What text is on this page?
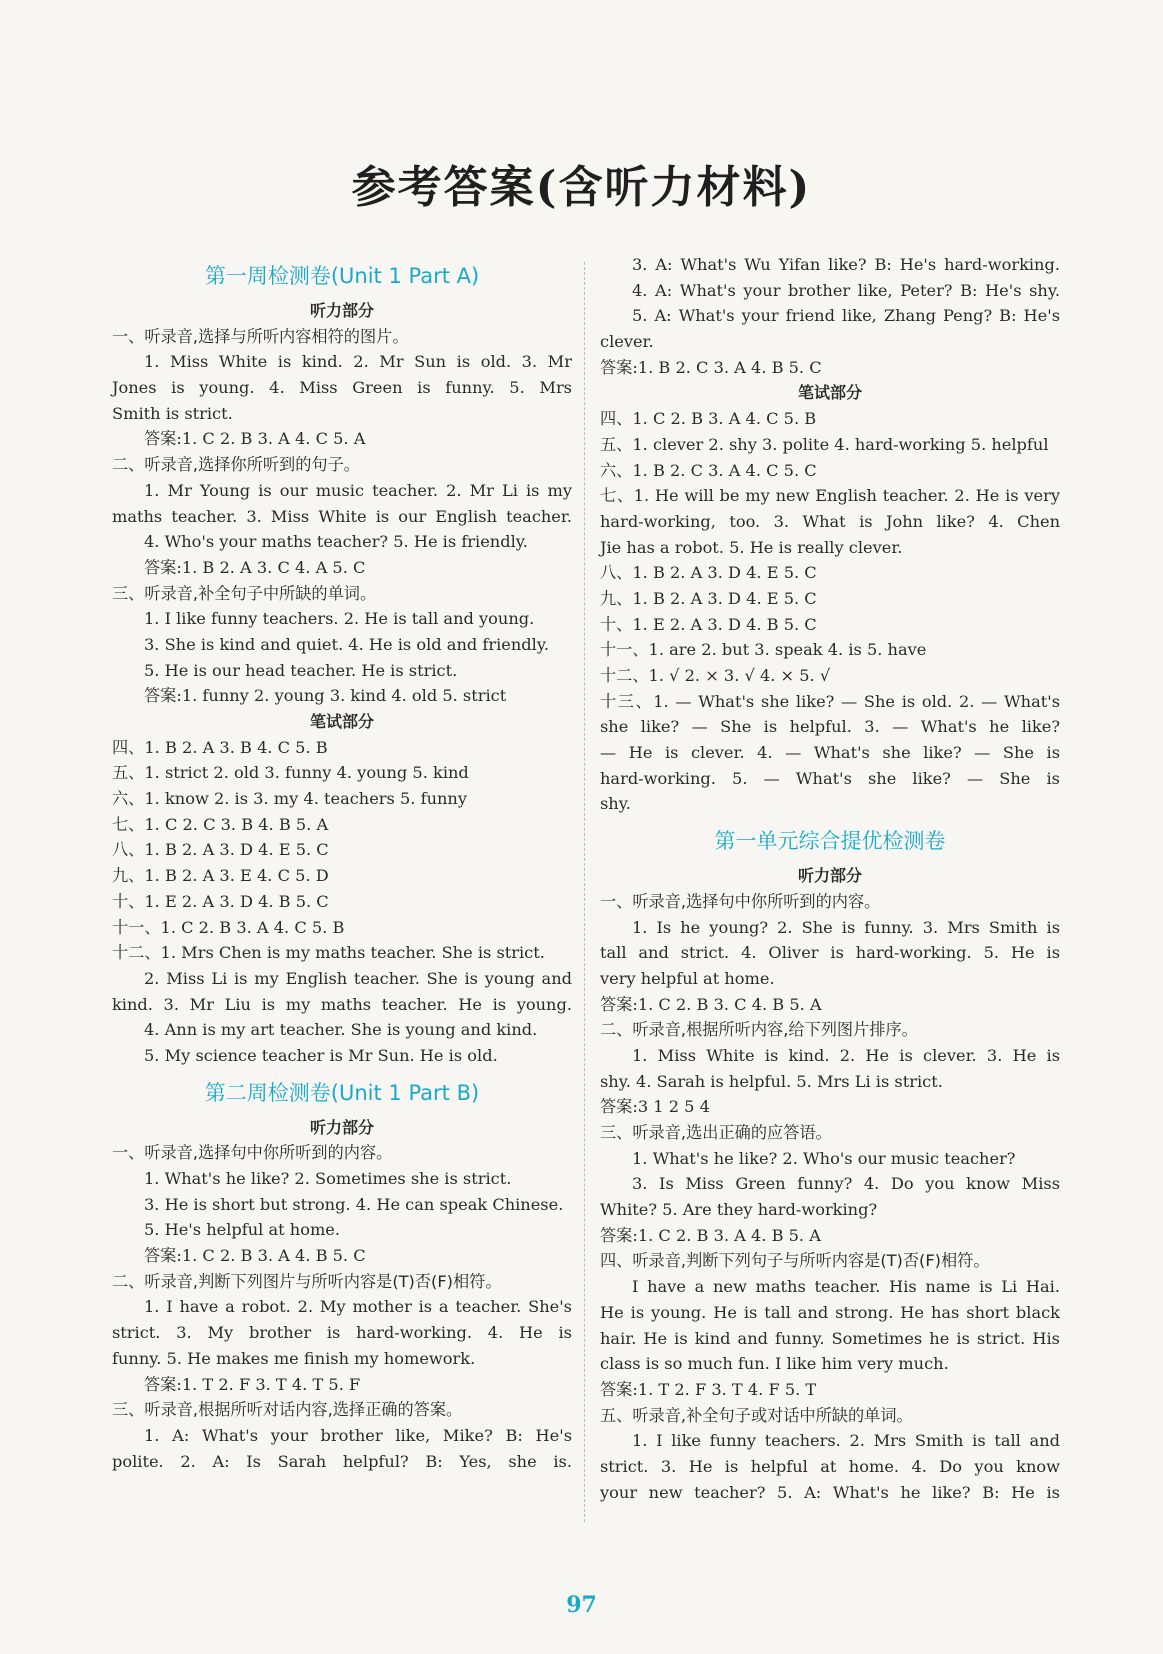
参考答案(含听力材料)
第一周检测卷(Unit 1 Part A)
听力部分
一、听录音,选择与所听内容相符的图片。
1. Miss White is kind. 2. Mr Sun is old. 3. Mr
Jones is young. 4. Miss Green is funny. 5. Mrs
Smith is strict.
答案:1. C 2. B 3. A 4. C 5. A
二、听录音,选择你所听到的句子。
1. Mr Young is our music teacher. 2. Mr Li is my
maths teacher. 3. Miss White is our English teacher.
4. Who's your maths teacher? 5. He is friendly.
答案:1. B 2. A 3. C 4. A 5. C
三、听录音,补全句子中所缺的单词。
1. I like funny teachers. 2. He is tall and young.
3. She is kind and quiet. 4. He is old and friendly.
5. He is our head teacher. He is strict.
答案:1. funny 2. young 3. kind 4. old 5. strict
笔试部分
四、1. B 2. A 3. B 4. C 5. B
五、1. strict 2. old 3. funny 4. young 5. kind
六、1. know 2. is 3. my 4. teachers 5. funny
七、1. C 2. C 3. B 4. B 5. A
八、1. B 2. A 3. D 4. E 5. C
九、1. B 2. A 3. E 4. C 5. D
十、1. E 2. A 3. D 4. B 5. C
十一、1. C 2. B 3. A 4. C 5. B
十二、1. Mrs Chen is my maths teacher. She is strict.
2. Miss Li is my English teacher. She is young and
kind. 3. Mr Liu is my maths teacher. He is young.
4. Ann is my art teacher. She is young and kind.
5. My science teacher is Mr Sun. He is old.
第二周检测卷(Unit 1 Part B)
听力部分
一、听录音,选择句中你所听到的内容。
1. What's he like? 2. Sometimes she is strict.
3. He is short but strong. 4. He can speak Chinese.
5. He's helpful at home.
答案:1. C 2. B 3. A 4. B 5. C
二、听录音,判断下列图片与所听内容是(T)否(F)相符。
1. I have a robot. 2. My mother is a teacher. She's
strict. 3. My brother is hard-working. 4. He is
funny. 5. He makes me finish my homework.
答案:1. T 2. F 3. T 4. T 5. F
三、听录音,根据所听对话内容,选择正确的答案。
1. A: What's your brother like, Mike? B: He's
polite. 2. A: Is Sarah helpful? B: Yes, she is.
3. A: What's Wu Yifan like? B: He's hard-working.
4. A: What's your brother like, Peter? B: He's shy.
5. A: What's your friend like, Zhang Peng? B: He's
clever.
答案:1. B 2. C 3. A 4. B 5. C
笔试部分
四、1. C 2. B 3. A 4. C 5. B
五、1. clever 2. shy 3. polite 4. hard-working 5. helpful
六、1. B 2. C 3. A 4. C 5. C
七、1. He will be my new English teacher. 2. He is very
hard-working, too. 3. What is John like? 4. Chen
Jie has a robot. 5. He is really clever.
八、1. B 2. A 3. D 4. E 5. C
九、1. B 2. A 3. D 4. E 5. C
十、1. E 2. A 3. D 4. B 5. C
十一、1. are 2. but 3. speak 4. is 5. have
十二、1. √ 2. × 3. √ 4. × 5. √
十三、1. — What's she like? — She is old. 2. — What's
she like? — She is helpful. 3. — What's he like?
— He is clever. 4. — What's she like? — She is
hard-working. 5. — What's she like? — She is
shy.
第一单元综合提优检测卷
听力部分
一、听录音,选择句中你所听到的内容。
1. Is he young? 2. She is funny. 3. Mrs Smith is
tall and strict. 4. Oliver is hard-working. 5. He is
very helpful at home.
答案:1. C 2. B 3. C 4. B 5. A
二、听录音,根据所听内容,给下列图片排序。
1. Miss White is kind. 2. He is clever. 3. He is
shy. 4. Sarah is helpful. 5. Mrs Li is strict.
答案:3 1 2 5 4
三、听录音,选出正确的应答语。
1. What's he like? 2. Who's our music teacher?
3. Is Miss Green funny? 4. Do you know Miss
White? 5. Are they hard-working?
答案:1. C 2. B 3. A 4. B 5. A
四、听录音,判断下列句子与所听内容是(T)否(F)相符。
I have a new maths teacher. His name is Li Hai.
He is young. He is tall and strong. He has short black
hair. He is kind and funny. Sometimes he is strict. His
class is so much fun. I like him very much.
答案:1. T 2. F 3. T 4. F 5. T
五、听录音,补全句子或对话中所缺的单词。
1. I like funny teachers. 2. Mrs Smith is tall and
strict. 3. He is helpful at home. 4. Do you know
your new teacher? 5. A: What's he like? B: He is
97
